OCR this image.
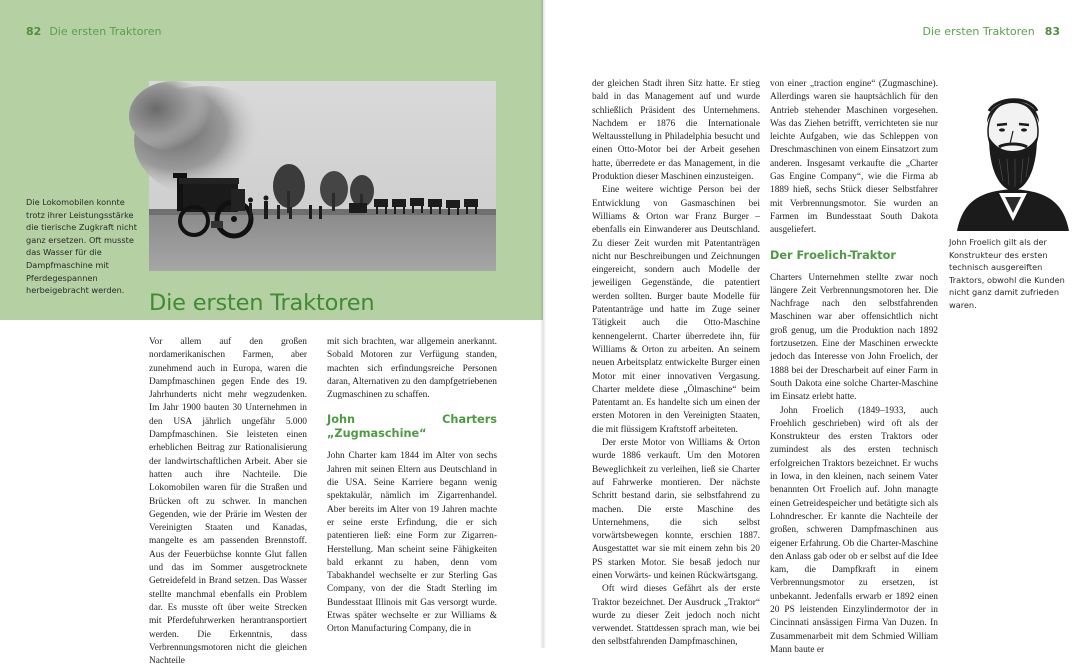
82 Die ersten Traktoren
Die Lokomobilen konnte trotz ihrer Leistungsstärke die tierische Zugkraft nicht ganz ersetzen. Oft musste das Wasser für die Dampfmaschine mit Pferdegespannen herbeigebracht werden.	Die ersten Traktoren

Vor allem auf den großen nordamerikanischen Farmen, aber zunehmend auch in Europa, waren die Dampfmaschinen gegen Ende des 19. Jahrhunderts nicht mehr wegzudenken. Im Jahr 1900 bauten 30 Unternehmen in den USA jährlich ungefähr 5.000 Dampfmaschinen. Sie leisteten einen erheblichen Beitrag zur Rationalisierung der landwirtschaftlichen Arbeit. Aber sie hatten auch ihre Nachteile. Die Lokomobilen waren für die Straßen und Brücken oft zu schwer. In manchen Gegenden, wie der Prärie im Westen der Vereinigten Staaten und Kanadas, mangelte es am passenden Brennstoff. Aus der Feuerbüchse konnte Glut fallen und das im Sommer ausgetrocknete Getreidefeld in Brand setzen. Das Wasser stellte manchmal ebenfalls ein Problem dar. Es musste oft über weite Strecken mit Pferdefuhrwerken herantransportiert werden. Die Erkenntnis, dass Verbrennungsmotoren nicht die gleichen Nachteile

mit sich brachten, war allgemein anerkannt. Sobald Motoren zur Verfügung standen, machten sich erfindungsreiche Personen daran, Alternativen zu den dampfgetriebenen Zugmaschinen zu schaffen.

John Charters „Zugmaschine“

John Charter kam 1844 im Alter von sechs Jahren mit seinen Eltern aus Deutschland in die USA. Seine Karriere begann wenig spektakulär, nämlich im Zigarrenhandel. Aber bereits im Alter von 19 Jahren machte er seine erste Erfindung, die er sich patentieren ließ: eine Form zur Zigarren-Herstellung. Man scheint seine Fähigkeiten bald erkannt zu haben, denn vom Tabakhandel wechselte er zur Sterling Gas Company, von der die Stadt Sterling im Bundesstaat Illinois mit Gas versorgt wurde. Etwas später wechselte er zur Williams & Orton Manufacturing Company, die in

Die ersten Traktoren 83

der gleichen Stadt ihren Sitz hatte. Er stieg bald in das Management auf und wurde schließlich Präsident des Unternehmens. Nachdem er 1876 die Internationale Weltausstellung in Philadelphia besucht und einen Otto-Motor bei der Arbeit gesehen hatte, überredete er das Management, in die Produktion dieser Maschinen einzusteigen.

Eine weitere wichtige Person bei der Entwicklung von Gasmaschinen bei Williams & Orton war Franz Burger – ebenfalls ein Einwanderer aus Deutschland. Zu dieser Zeit wurden mit Patentanträgen nicht nur Beschreibungen und Zeichnungen eingereicht, sondern auch Modelle der jeweiligen Gegenstände, die patentiert werden sollten. Burger baute Modelle für Patentanträge und hatte im Zuge seiner Tätigkeit auch die Otto-Maschine kennengelernt. Charter überredete ihn, für Williams & Orton zu arbeiten. An seinem neuen Arbeitsplatz entwickelte Burger einen Motor mit einer innovativen Vergasung. Charter meldete diese „Ölmaschine“ beim Patentamt an. Es handelte sich um einen der ersten Motoren in den Vereinigten Staaten, die mit flüssigem Kraftstoff arbeiteten.

Der erste Motor von Williams & Orton wurde 1886 verkauft. Um den Motoren Beweglichkeit zu verleihen, ließ sie Charter auf Fahrwerke montieren. Der nächste Schritt bestand darin, sie selbstfahrend zu machen. Die erste Maschine des Unternehmens, die sich selbst vorwärtsbewegen konnte, erschien 1887. Ausgestattet war sie mit einem zehn bis 20 PS starken Motor. Sie besaß jedoch nur einen Vorwärts- und keinen Rückwärtsgang.

Oft wird dieses Gefährt als der erste Traktor bezeichnet. Der Ausdruck „Traktor“ wurde zu dieser Zeit jedoch noch nicht verwendet. Stattdessen sprach man, wie bei den selbstfahrenden Dampfmaschinen,

von einer „traction engine“ (Zugmaschine). Allerdings waren sie hauptsächlich für den Antrieb stehender Maschinen vorgesehen. Was das Ziehen betrifft, verrichteten sie nur leichte Aufgaben, wie das Schleppen von Dreschmaschinen von einem Einsatzort zum anderen. Insgesamt verkaufte die „Charter Gas Engine Company“, wie die Firma ab 1889 hieß, sechs Stück dieser Selbstfahrer mit Verbrennungsmotor. Sie wurden an Farmen im Bundesstaat South Dakota ausgeliefert.

Der Froelich-Traktor

Charters Unternehmen stellte zwar noch längere Zeit Verbrennungsmotoren her. Die Nachfrage nach den selbstfahrenden Maschinen war aber offensichtlich nicht groß genug, um die Produktion nach 1892 fortzusetzen. Eine der Maschinen erweckte jedoch das Interesse von John Froelich, der 1888 bei der Drescharbeit auf einer Farm in South Dakota eine solche Charter-Maschine im Einsatz erlebt hatte.

John Froelich (1849–1933, auch Froehlich geschrieben) wird oft als der Konstrukteur des ersten Traktors oder zumindest als des ersten technisch erfolgreichen Traktors bezeichnet. Er wuchs in Iowa, in den kleinen, nach seinem Vater benannten Ort Froelich auf. John managte einen Getreidespeicher und betätigte sich als Lohndrescher. Er kannte die Nachteile der großen, schweren Dampfmaschinen aus eigener Erfahrung. Ob die Charter-Maschine den Anlass gab oder ob er selbst auf die Idee kam, die Dampfkraft in einem Verbrennungsmotor zu ersetzen, ist unbekannt. Jedenfalls erwarb er 1892 einen 20 PS leistenden Einzylindermotor der in Cincinnati ansässigen Firma Van Duzen. In Zusammenarbeit mit dem Schmied William Mann baute er

John Froelich gilt als der Konstrukteur des ersten technisch ausgereiften Traktors, obwohl die Kunden nicht ganz damit zufrieden waren.
